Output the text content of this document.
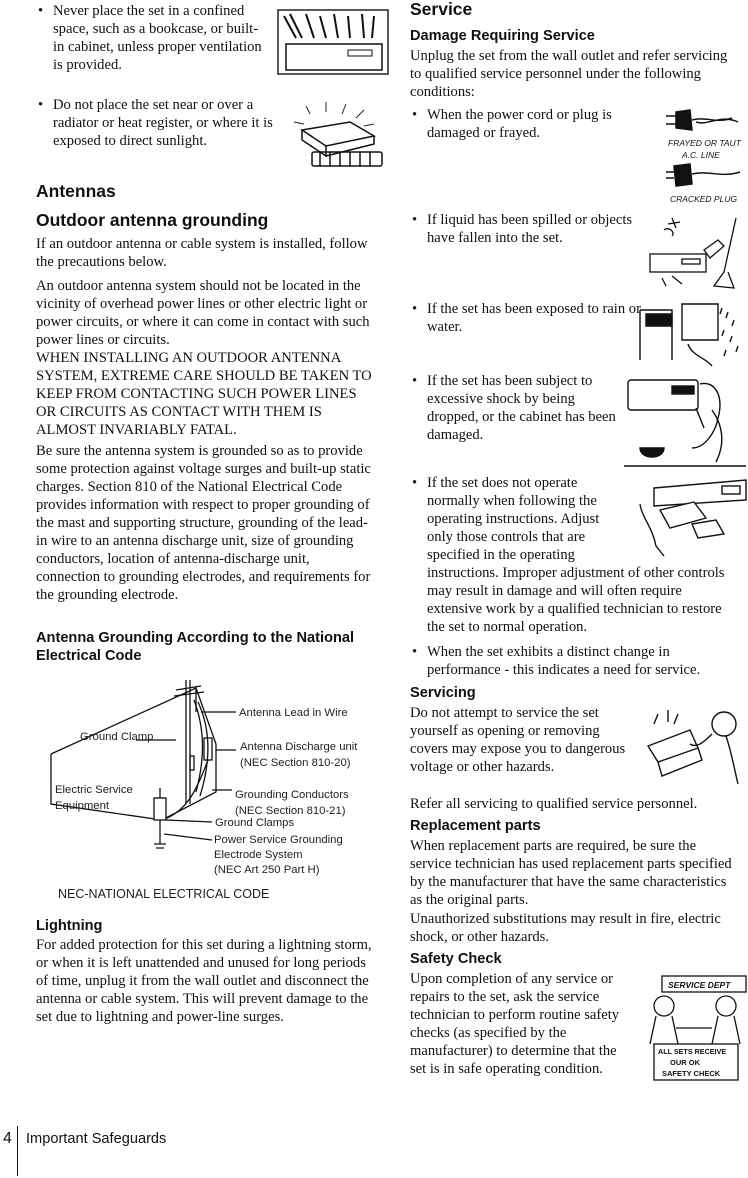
• Never place the set in a confined space, such as a bookcase, or built-in cabinet, unless proper ventilation is provided.
• Do not place the set near or over a radiator or heat register, or where it is exposed to direct sunlight.
Antennas
Outdoor antenna grounding

If an outdoor antenna or cable system is installed, follow the precautions below.

An outdoor antenna system should not be located in the vicinity of overhead power lines or other electric light or power circuits, or where it can come in contact with such power lines or circuits.

WHEN INSTALLING AN OUTDOOR ANTENNA SYSTEM, EXTREME CARE SHOULD BE TAKEN TO KEEP FROM CONTACTING SUCH POWER LINES OR CIRCUITS AS CONTACT WITH THEM IS ALMOST INVARIABLY FATAL.

Be sure the antenna system is grounded so as to provide some protection against voltage surges and built-up static charges. Section 810 of the National Electrical Code provides information with respect to proper grounding of the mast and supporting structure, grounding of the lead-in wire to an antenna discharge unit, size of grounding conductors, location of antenna-discharge unit, connection to grounding electrodes, and requirements for the grounding electrode.

Antenna Grounding According to the National Electrical Code
Antenna Lead in Wire
Ground Clamp
Antenna Discharge unit
(NEC Section 810-20)
Electric Service
Equipment
Grounding Conductors
(NEC Section 810-21)
Ground Clamps
Power Service Grounding
Electrode System
(NEC Art 250 Part H)
NEC-NATIONAL ELECTRICAL CODE
Lightning

For added protection for this set during a lightning storm, or when it is left unattended and unused for long periods of time, unplug it from the wall outlet and disconnect the antenna or cable system. This will prevent damage to the set due to lightning and power-line surges.

Service
Damage Requiring Service

Unplug the set from the wall outlet and refer servicing to qualified service personnel under the following conditions:

• When the power cord or plug is damaged or frayed.
• If liquid has been spilled or objects have fallen into the set.
• If the set has been exposed to rain or water.
• If the set has been subject to excessive shock by being dropped, or the cabinet has been damaged.
• If the set does not operate normally when following the operating instructions. Adjust only those controls that are specified in the operating instructions. Improper adjustment of other controls may result in damage and will often require extensive work by a qualified technician to restore the set to normal operation.
• When the set exhibits a distinct change in performance - this indicates a need for service.
FRAYED OR TAUT
A.C. LINE
CRACKED PLUG
Servicing

Do not attempt to service the set yourself as opening or removing covers may expose you to dangerous voltage or other hazards.

Refer all servicing to qualified service personnel.

Replacement parts

When replacement parts are required, be sure the service technician has used replacement parts specified by the manufacturer that have the same characteristics as the original parts.

Unauthorized substitutions may result in fire, electric shock, or other hazards.

Safety Check

Upon completion of any service or repairs to the set, ask the service technician to perform routine safety checks (as specified by the manufacturer) to determine that the set is in safe operating condition.

SERVICE DEPT
ALL SETS RECEIVE
OUR OK
SAFETY CHECK
4 Important Safeguards
